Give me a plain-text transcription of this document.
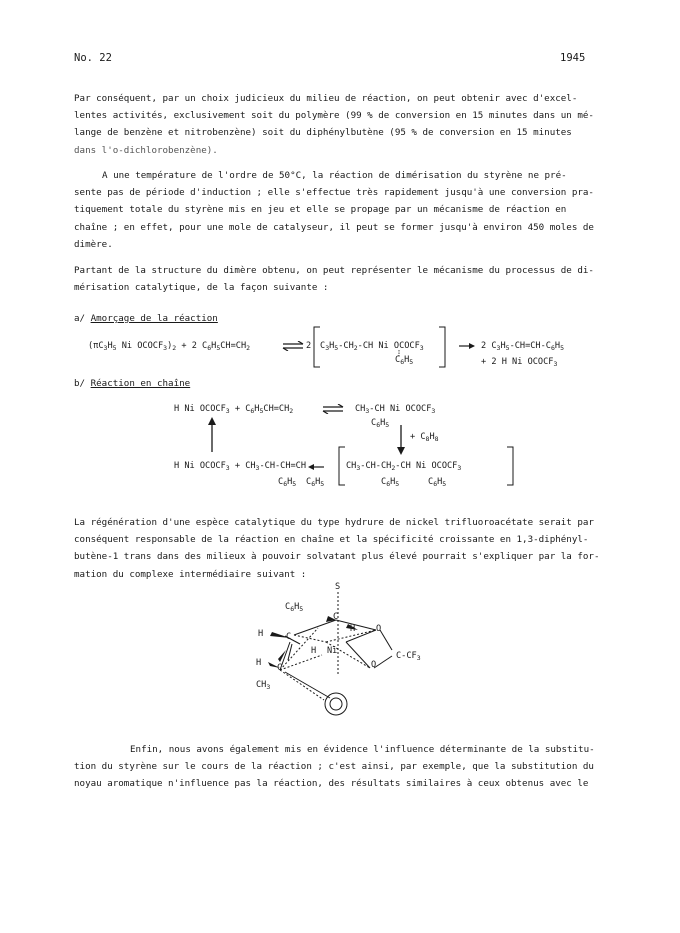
No. 22	1945
Par conséquent, par un choix judicieux du milieu de réaction, on peut obtenir avec d'excel-
lentes activités, exclusivement soit du polymère (99 % de conversion en 15 minutes dans un mé-
lange de benzène et nitrobenzène) soit du diphénylbutène (95 % de conversion en 15 minutes
dans l'o-dichlorobenzène).
A une température de l'ordre de 50°C, la réaction de dimérisation du styrène ne pré-
sente pas de période d'induction ; elle s'effectue très rapidement jusqu'à une conversion pra-
tiquement totale du styrène mis en jeu et elle se propage par un mécanisme de réaction en
chaîne ; en effet, pour une mole de catalyseur, il peut se former jusqu'à environ 450 moles de
dimère.
Partant de la structure du dimère obtenu, on peut représenter le mécanisme du processus de di-
mérisation catalytique, de la façon suivante :
a/ Amorçage de la réaction
($\pi C_3H_5$ Ni $OCOCF_3)_2 + 2$ $C_6H_5CH=CH_2$ ⇌ 2 $C_3H_5-CH_2-CH$ Ni $OCOCF_3$
$C_6H_5$
→ 2 $C_3H_5-CH=CH-C_6H_5$
+ 2 H Ni $OCOCF_3$
b/ Réaction en chaîne
H Ni $OCOCF_3 + C_6H_5CH=CH_2$ ⇌ $CH_3-CH$ Ni $OCOCF_3$
$C_6H_5$
+ $C_8H_8$
H Ni $OCOCF_3 + CH_3-CH-CH=CH$
$C_6H_5$ $C_6H_5$
$CH_3-CH-CH_2-CH$ Ni $OCOCF_3$
$C_6H_5$	$C_6H_5$
La régénération d'une espèce catalytique du type hydrure de nickel trifluoroacétate serait par
conséquent responsable de la réaction en chaîne et la spécificité croissante en 1,3-diphényl-
butène-1 trans dans des milieux à pouvoir solvatant plus élevé pourrait s'expliquer par la for-
mation du complexe intermédiaire suivant :
S
$C_6H_5$
C
H O
H	C
H Ni	$C-CF_3$
H C	O
$CH_3$
Enfin, nous avons également mis en évidence l'influence déterminante de la substitu-
tion du styrène sur le cours de la réaction ; c'est ainsi, par exemple, que la substitution du
noyau aromatique n'influence pas la réaction, des résultats similaires à ceux obtenus avec le
